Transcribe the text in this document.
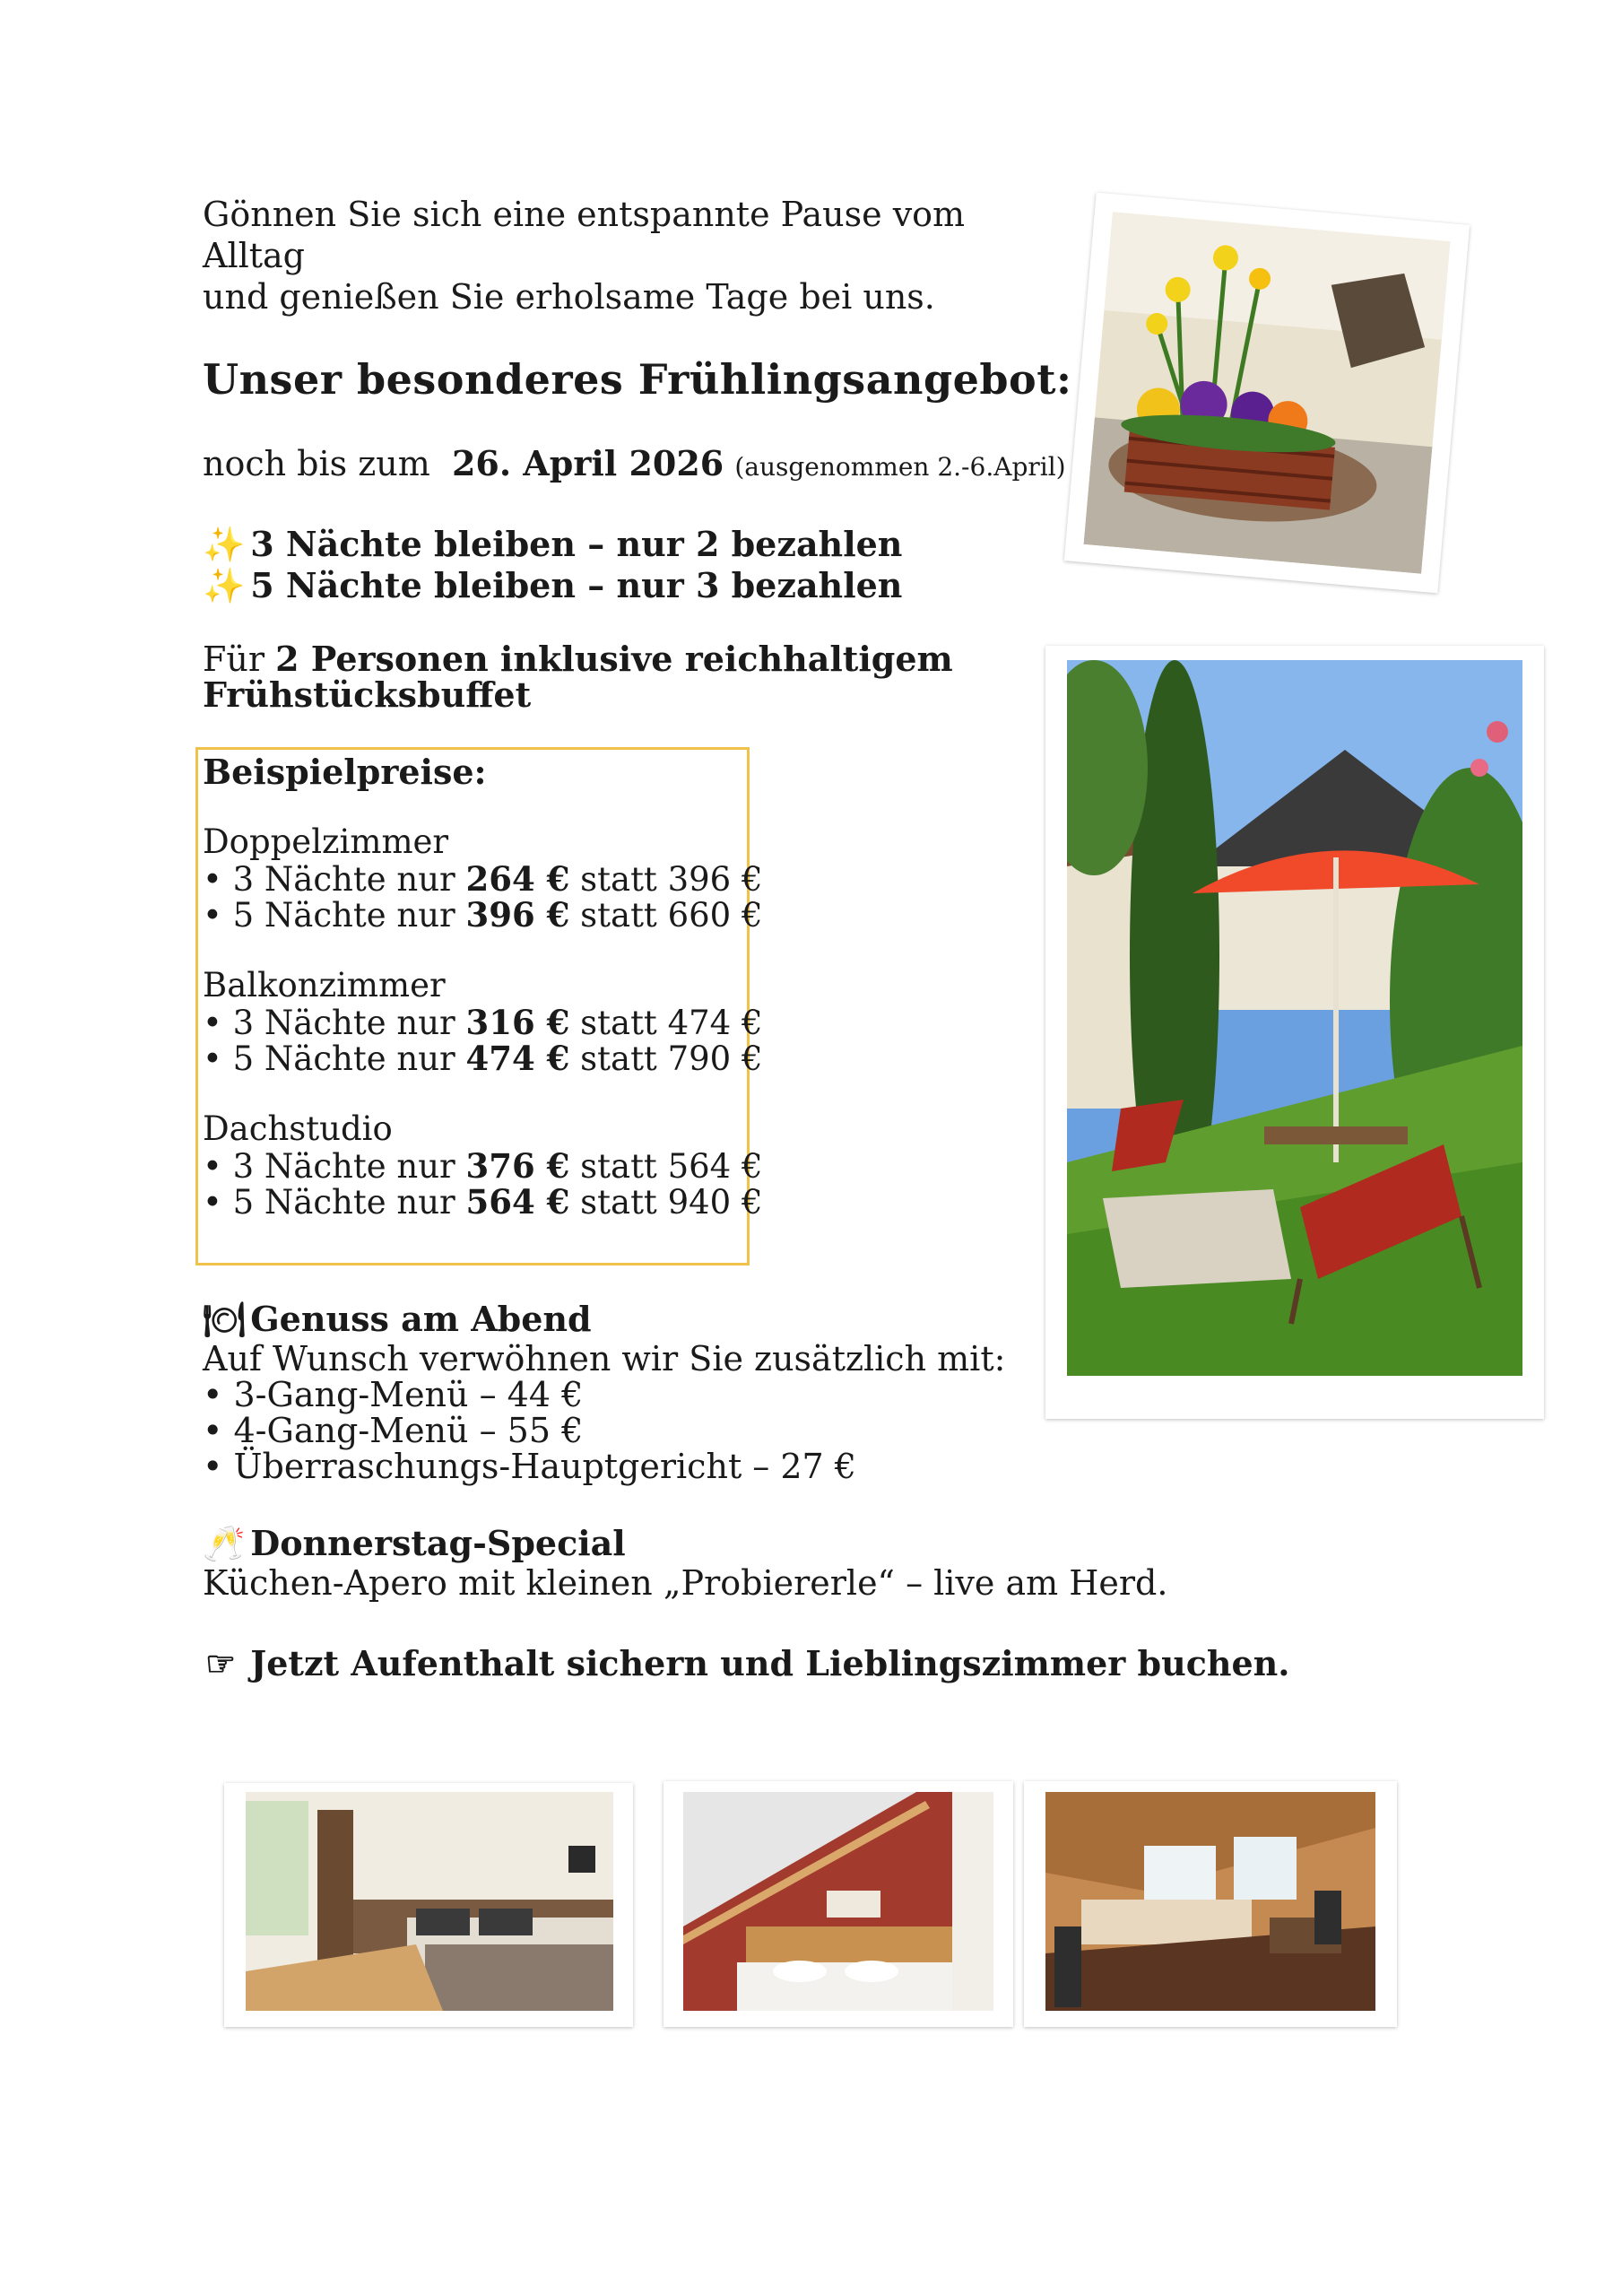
Gönnen Sie sich eine entspannte Pause vom
Alltag
und genießen Sie erholsame Tage bei uns.
Unser besonderes Frühlingsangebot:
noch bis zum 26. April 2026 (ausgenommen 2.-6.April)
✨ 3 Nächte bleiben – nur 2 bezahlen
✨ 5 Nächte bleiben – nur 3 bezahlen
Für 2 Personen inklusive reichhaltigem
Frühstücksbuffet
Beispielpreise:
Doppelzimmer
• 3 Nächte nur 264 € statt 396 €
• 5 Nächte nur 396 € statt 660 €
Balkonzimmer
• 3 Nächte nur 316 € statt 474 €
• 5 Nächte nur 474 € statt 790 €
Dachstudio
• 3 Nächte nur 376 € statt 564 €
• 5 Nächte nur 564 € statt 940 €
🍽 Genuss am Abend
Auf Wunsch verwöhnen wir Sie zusätzlich mit:
• 3-Gang-Menü – 44 €
• 4-Gang-Menü – 55 €
• Überraschungs-Hauptgericht – 27 €
🥂 Donnerstag-Special
Küchen-Apero mit kleinen „Probiererle“ – live am Herd.
☞ Jetzt Aufenthalt sichern und Lieblingszimmer buchen.
